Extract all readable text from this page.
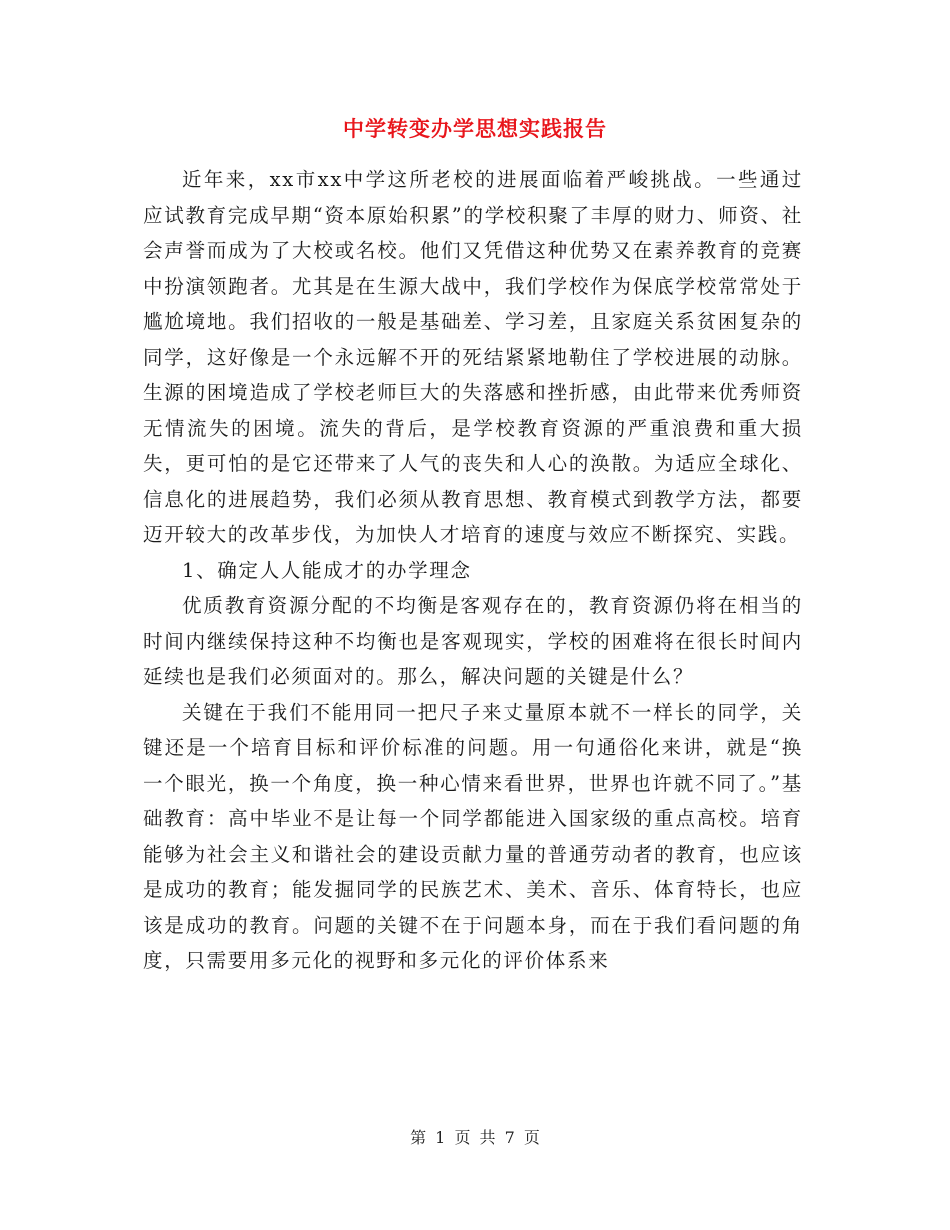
中学转变办学思想实践报告

近年来，xx市xx中学这所老校的进展面临着严峻挑战。一些通过应试教育完成早期“资本原始积累”的学校积聚了丰厚的财力、师资、社会声誉而成为了大校或名校。他们又凭借这种优势又在素养教育的竞赛中扮演领跑者。尤其是在生源大战中，我们学校作为保底学校常常处于尴尬境地。我们招收的一般是基础差、学习差，且家庭关系贫困复杂的同学，这好像是一个永远解不开的死结紧紧地勒住了学校进展的动脉。生源的困境造成了学校老师巨大的失落感和挫折感，由此带来优秀师资无情流失的困境。流失的背后，是学校教育资源的严重浪费和重大损失，更可怕的是它还带来了人气的丧失和人心的涣散。为适应全球化、信息化的进展趋势，我们必须从教育思想、教育模式到教学方法，都要迈开较大的改革步伐，为加快人才培育的速度与效应不断探究、实践。

1、确定人人能成才的办学理念

优质教育资源分配的不均衡是客观存在的，教育资源仍将在相当的时间内继续保持这种不均衡也是客观现实，学校的困难将在很长时间内延续也是我们必须面对的。那么，解决问题的关键是什么？

关键在于我们不能用同一把尺子来丈量原本就不一样长的同学，关键还是一个培育目标和评价标准的问题。用一句通俗化来讲，就是“换一个眼光，换一个角度，换一种心情来看世界，世界也许就不同了。”基础教育：高中毕业不是让每一个同学都能进入国家级的重点高校。培育能够为社会主义和谐社会的建设贡献力量的普通劳动者的教育，也应该是成功的教育；能发掘同学的民族艺术、美术、音乐、体育特长，也应该是成功的教育。问题的关键不在于问题本身，而在于我们看问题的角度，只需要用多元化的视野和多元化的评价体系来

第 1 页 共 7 页
